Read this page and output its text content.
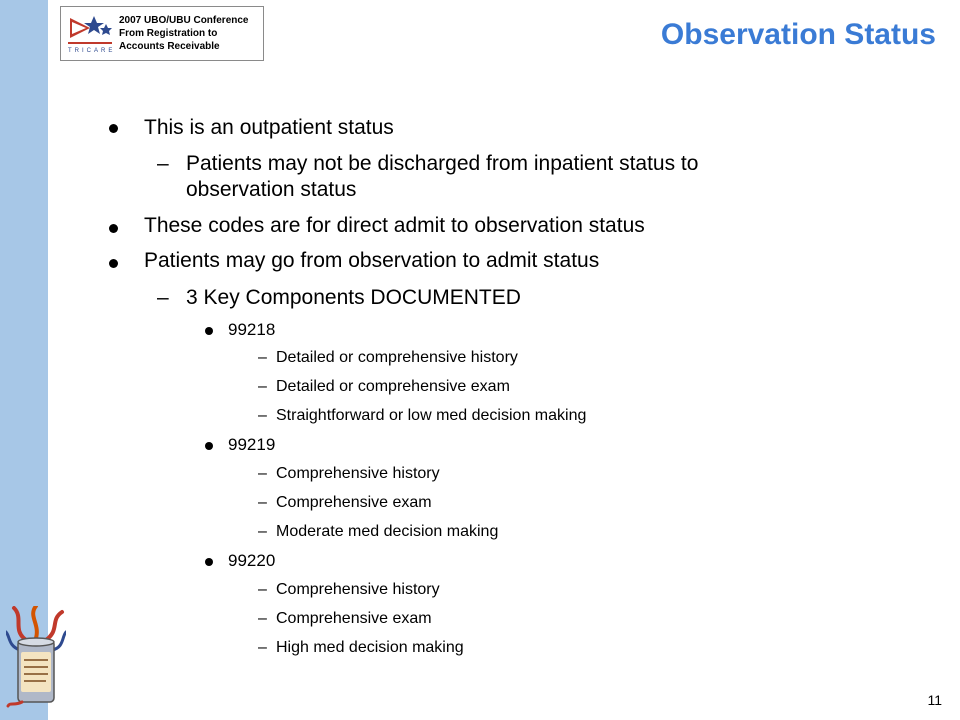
TRICARE
2007 UBO/UBU Conference
From Registration to
Accounts Receivable	Observation Status
This is an outpatient status
– Patients may not be discharged from inpatient status to
observation status
These codes are for direct admit to observation status
Patients may go from observation to admit status
– 3 Key Components DOCUMENTED
99218
– Detailed or comprehensive history
– Detailed or comprehensive exam
– Straightforward or low med decision making
99219
– Comprehensive history
– Comprehensive exam
– Moderate med decision making
99220
– Comprehensive history
– Comprehensive exam
– High med decision making
11
